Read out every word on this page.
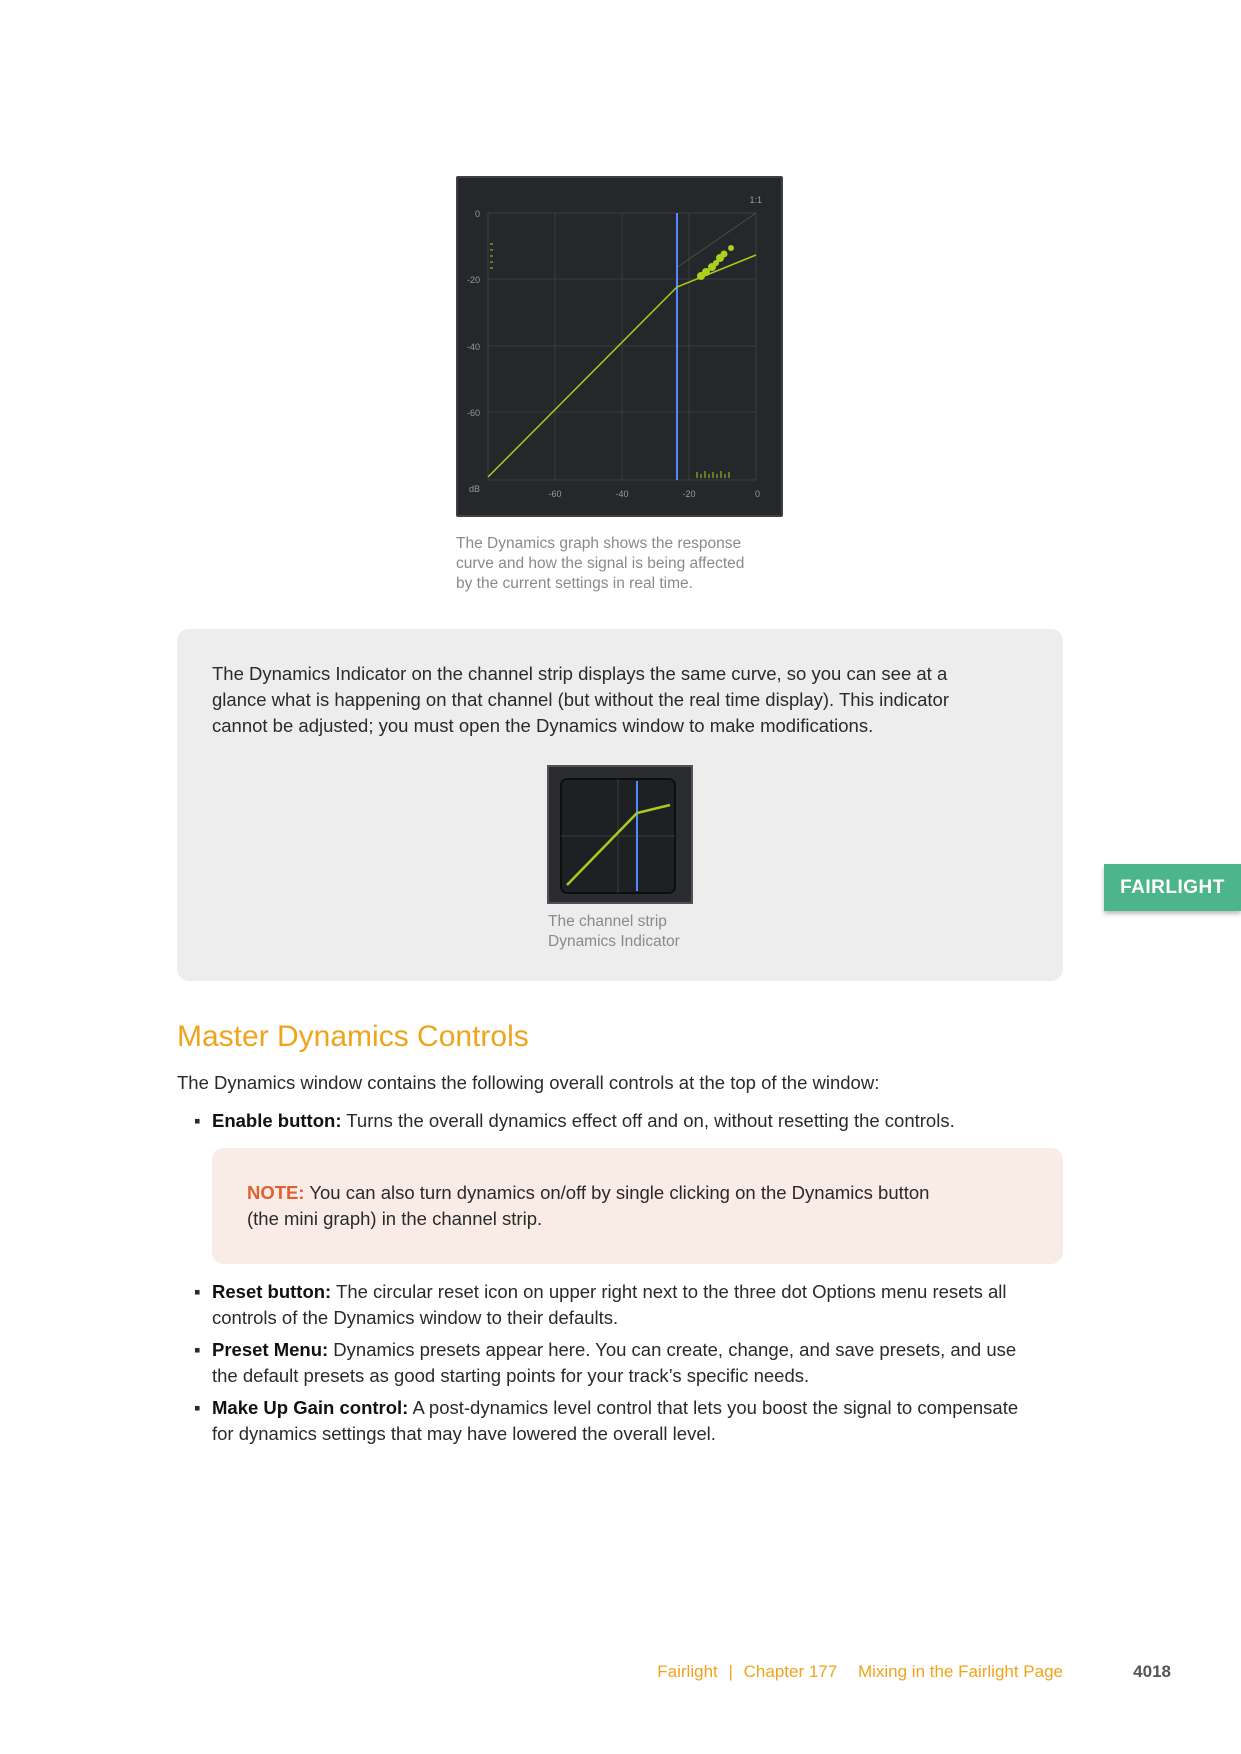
1:1
0
-20
-40
-60
dB	-60	-40	-20	0
The Dynamics graph shows the response
curve and how the signal is being affected
by the current settings in real time.
The Dynamics Indicator on the channel strip displays the same curve, so you can see at a
glance what is happening on that channel (but without the real time display). This indicator
cannot be adjusted; you must open the Dynamics window to make modifications.
The channel strip
Dynamics Indicator
FAIRLIGHT
Master Dynamics Controls
The Dynamics window contains the following overall controls at the top of the window:
▪ Enable button: Turns the overall dynamics effect off and on, without resetting the controls.
NOTE: You can also turn dynamics on/off by single clicking on the Dynamics button
(the mini graph) in the channel strip.
▪ Reset button: The circular reset icon on upper right next to the three dot Options menu resets all
controls of the Dynamics window to their defaults.
▪ Preset Menu: Dynamics presets appear here. You can create, change, and save presets, and use
the default presets as good starting points for your track’s specific needs.
▪ Make Up Gain control: A post-dynamics level control that lets you boost the signal to compensate
for dynamics settings that may have lowered the overall level.
Fairlight | Chapter 177 Mixing in the Fairlight Page	4018
